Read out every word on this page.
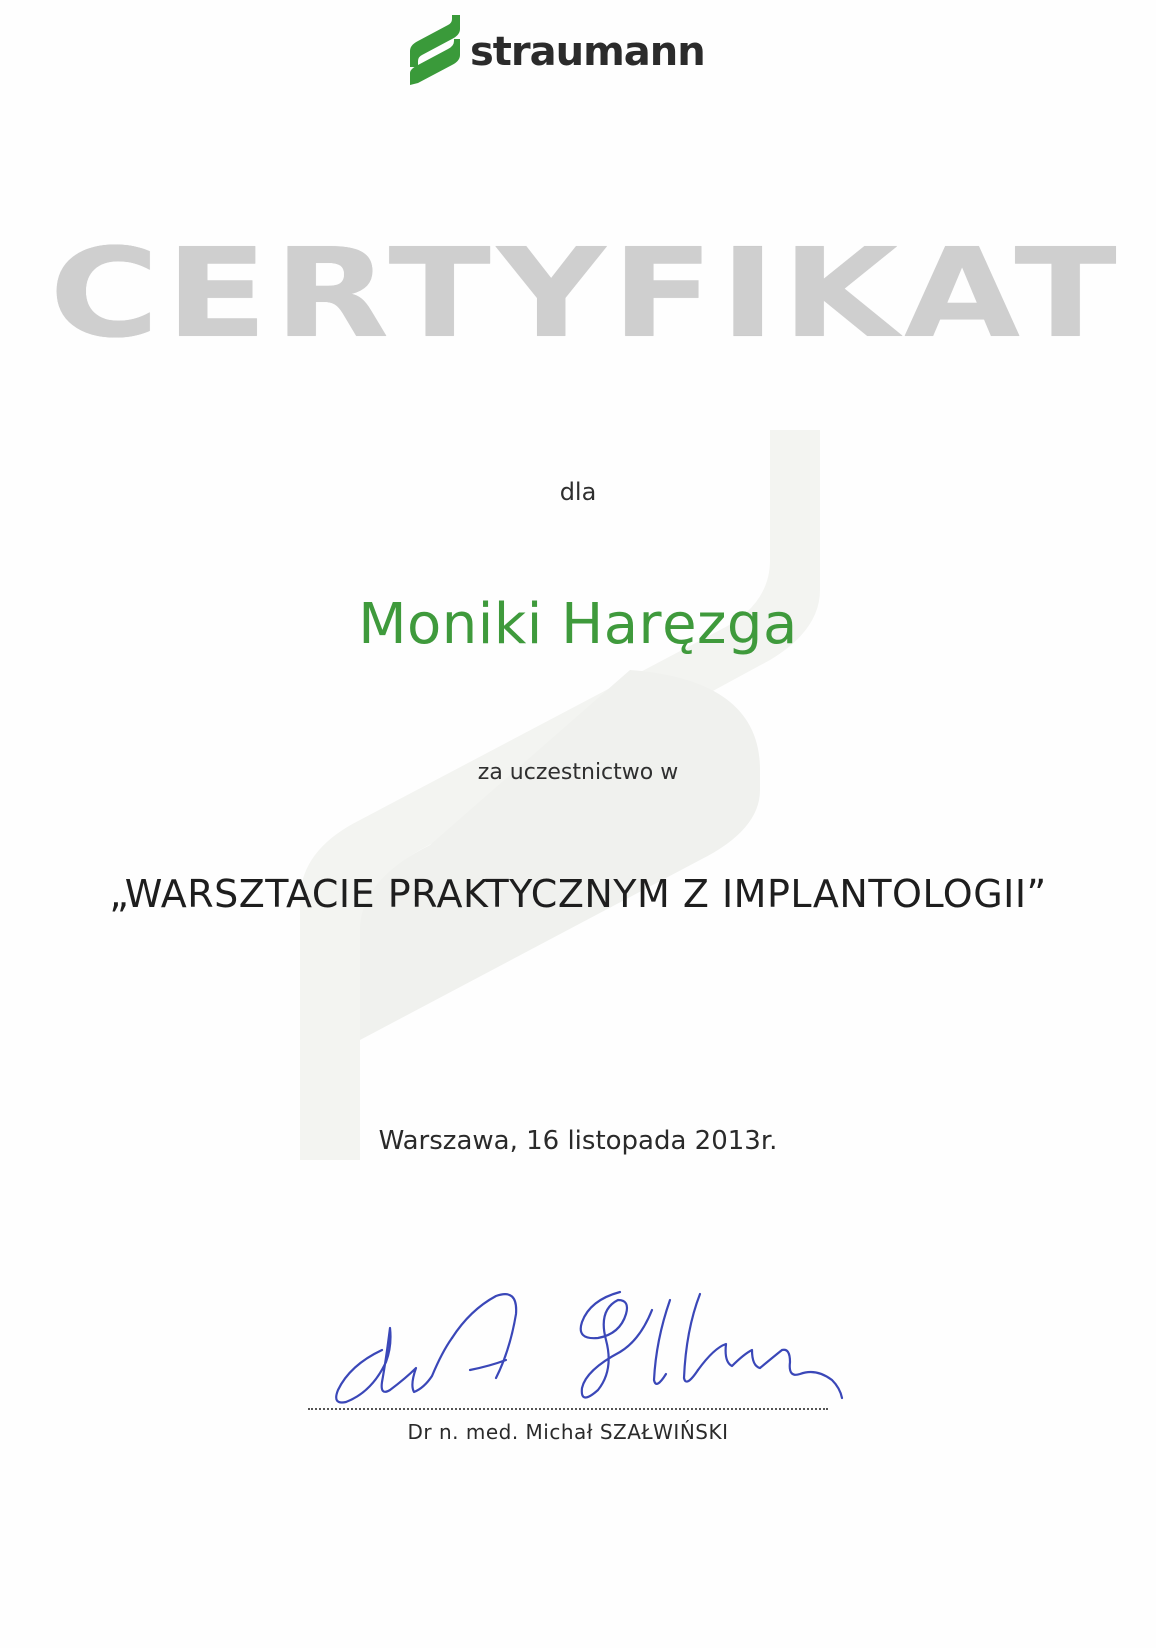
straumann
CERTYFIKAT
dla
Moniki Haręzga
za uczestnictwo w
„WARSZTACIE PRAKTYCZNYM Z IMPLANTOLOGII”
Warszawa, 16 listopada 2013r.
Dr n. med. Michał SZAŁWIŃSKI
